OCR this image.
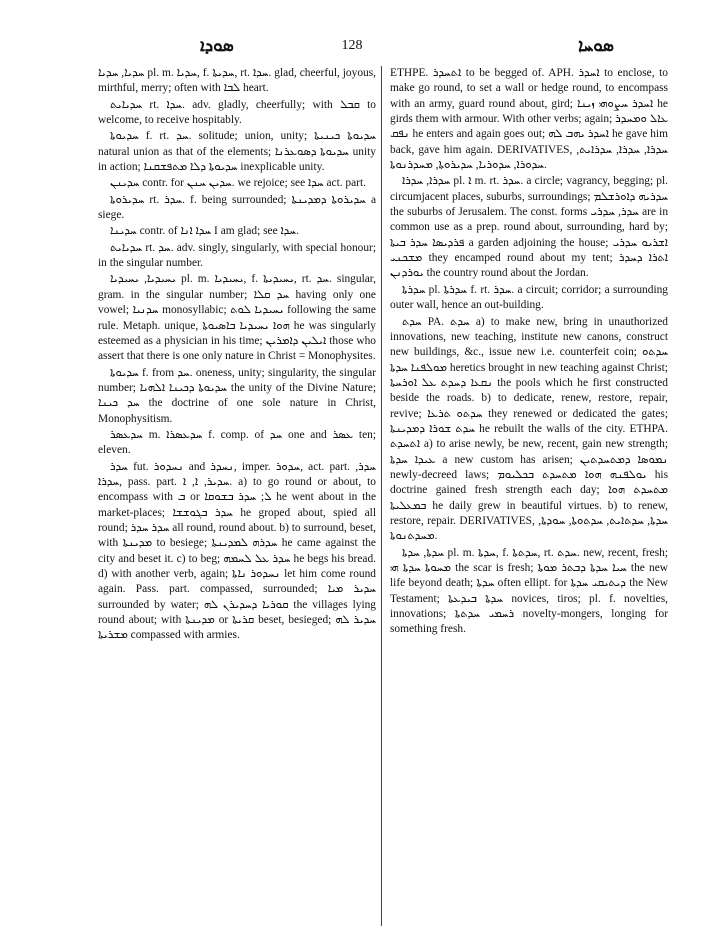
ܣܘܕܐ	128	ܣܘܚܐ

ܚܕܝܐ, ܚܕܝܐ pl. m. ܚܕܝܐ, f. ܚܕܝܬܐ, rt. ܚܕܐ. glad, cheerful, joyous, mirthful, merry; often with ܠܒܐ heart.

ܚܕܝܐܝܬ rt. ܚܕܐ. adv. gladly, cheerfully; with ܩܒܠ to welcome, to receive hospitably.

ܚܕܝܘܬܐ f. rt. ܚܕ. solitude; union, unity; ܚܕܝܘܬܐ ܟܝܢܝܬܐ natural union as that of the elements; ܚܕܝܘܬܐ ܕܣܘܥܪܢܐ unity in action; ܚܕܝܘܬܐ ܕܠܐ ܡܬܦܫܩܢܐ inexplicable unity.

ܚܕܝܢܢ contr. for ܚܕܝܢ ܚܢܢ. we rejoice; see ܚܕܐ act. part.

ܚܕܝܪܘܬܐ rt. ܚܕܪ. f. being surrounded; ܚܕܝܪܘܬܐ ܕܡܕܝܢܬܐ a siege.

ܚܕܝܢܐ contr. of ܚܕܐ ܐܢܐ I am glad; see ܚܕܐ.

ܚܕܝܐܝܬ rt. ܚܕ. adv. singly, singularly, with special honour; in the singular number.

ܝܚܝܕܝܐ, ܝܚܝܕܝܐ pl. m. ܝܚܝܕܝܐ, f. ܝܚܝܕܝܬܐ, rt. ܚܕ. singular, gram. in the singular number; ܚܕ ܩܠܐ having only one vowel; ܚܕܢܝܐ monosyllabic; ܝܚܝܕܝܐ ܠܘܬ following the same rule. Metaph. unique, ܗܘܐ ܝܚܝܕܝܐ ܒܐܣܝܘܬܐ he was singularly esteemed as a physician in his time; ܐܝܠܝܢ ܕܐܡܪܝܢ those who assert that there is one only nature in Christ = Monophysites.

ܚܕܝܘܬܐ f. from ܚܕ. oneness, unity; singularity, the singular number; ܚܕܝܘܬܐ ܕܟܝܢܐ ܐܠܗܝܐ the unity of the Divine Nature; ܚܕ ܟܝܢܐ the doctrine of one sole nature in Christ, Monophysitism.

ܚܕܥܣܪ m. ܚܕܥܣܪܐ f. comp. of ܚܕ one and ܥܣܪ ten; eleven.

ܚܕܪ fut. ܢܚܕܘܪ and ܢܚܕܪ, imper. ܚܕܘܪ, act. part. ܚܕܪ, ܚܕܪܐ, pass. part. ܚܕܝܪ, ܐ, ܐ. a) to go round or about, to encompass with ܒ or ܠ; ܚܕܪ ܒܫܘܩܐ he went about in the market-places; ܚܕܪ ܒܓܘܫܫܐ he groped about, spied all round; ܚܕܪ ܚܕܪ all round, round about. b) to surround, beset, with ܡܕܝܢܬܐ to besiege; ܚܕܪܗ ܠܡܕܝܢܬܐ he came against the city and beset it. c) to beg; ܚܕܪ ܥܠ ܠܚܡܗ he begs his bread. d) with another verb, again; ܢܚܕܘܪ ܢܐܬܐ let him come round again. Pass. part. compassed, surrounded; ܚܕܝܪ ܡܝܐ surrounded by water; ܩܘܪܝܐ ܕܚܕܝܪܢ ܠܗ the villages lying round about; with ܡܕܝܢܬܐ or ܩܪܝܬܐ beset, besieged; ܚܕܝܪ ܠܗ ܡܫܪܝܬܐ compassed with armies.

ETHPE. ܐܬܚܕܪ to be begged of. APH. ܐܚܕܪ to enclose, to make go round, to set a wall or hedge round, to encompass with an army, guard round about, gird; ܐܚܕܪ ܚܨܘܗܝ ܙܝܢܐ he girds them with armour. With other verbs; again; ܥܐܠ ܘܡܚܕܪ ܢܦܩ he enters and again goes out; ܐܚܕܪ ܝܗܒ ܠܗ he gave him back, gave him again. DERIVATIVES, ܚܕܪܐ, ܚܕܪܐ, ܚܕܪܐܝܬ, ܚܕܘܪܐ, ܚܕܘܪܝܐ, ܚܕܝܪܘܬܐ, ܡܚܕܪܢܘܬܐ.

ܚܕܪܐ, ܚܕܪܐ pl. ܐ m. rt. ܚܕܪ. a circle; vagrancy, begging; pl. circumjacent places, suburbs, surroundings; ܚܕܪܝܗ ܕܐܘܪܫܠܡ the suburbs of Jerusalem. The const. forms ܚܕܪ, ܚܕܪܝ are in common use as a prep. round about, surrounding, hard by; ܦܪܕܝܣܐ ܚܕܪ ܒܝܬܐ a garden adjoining the house; ܐܫܪܝܘ ܚܕܪܝ ܡܫܟܢܝ they encamped round about my tent; ܐܬܪܐ ܕܚܕܪ ܝܘܪܕܢܢ the country round about the Jordan.

ܚܕܪܬܐ pl. ܚܕܪܬܐ f. rt. ܚܕܪ. a circuit; corridor; a surrounding outer wall, hence an out-building.

ܚܕܬ PA. ܚܕܬ a) to make new, bring in unauthorized innovations, new teaching, institute new canons, construct new buildings, &c., issue new i.e. counterfeit coin; ܚܕܬܘ ܡܘܠܦܢܐ ܚܕܬܐ heretics brought in new teaching against Christ; ܢܩܥܐ ܕܚܕܬ ܥܠ ܐܘܪܚܬܐ the pools which he first constructed beside the roads. b) to dedicate, renew, restore, repair, revive; ܚܕܬܘ ܬܪܥܐ they renewed or dedicated the gates; ܚܕܬ ܫܘܪܐ ܕܡܕܝܢܬܐ he rebuilt the walls of the city. ETHPA. ܐܬܚܕܬ a) to arise newly, be new, recent, gain new strength; ܥܝܕܐ ܚܕܬܐ a new custom has arisen; ܢܡܘܣܐ ܕܡܬܚܕܬܝܢ newly-decreed laws; ܝܘܠܦܢܗ ܗܘܐ ܡܬܚܕܬ ܒܟܠܝܘܡ his doctrine gained fresh strength each day; ܡܬܚܕܬ ܗܘܐ ܒܡܥܠܝܬܐ he daily grew in beautiful virtues. b) to renew, restore, repair. DERIVATIVES, ܚܕܬܐ, ܚܕܬܐܝܬ, ܚܕܬܘܬܐ, ܚܘܕܬܐ, ܡܚܕܬܢܘܬܐ.

ܚܕܬܐ, ܚܕܬܐ pl. m. ܚܕܬܐ, f. ܚܕܬܬܐ, rt. ܚܕܬ. new, recent, fresh; ܡܚܘܬܐ ܚܕܬܐ ܗܝ the scar is fresh; ܚܝܐ ܚܕܬܐ ܕܒܬܪ ܡܘܬܐ the new life beyond death; ܚܕܬܐ often ellipt. for ܕܝܬܝܩܝ ܚܕܬܐ the New Testament; ܚܕܬܐ ܒܝܕܥܬܐ novices, tiros; pl. f. novelties, innovations; ܪܚܡܝ ܚܕܬܬܐ novelty-mongers, longing for something fresh.
